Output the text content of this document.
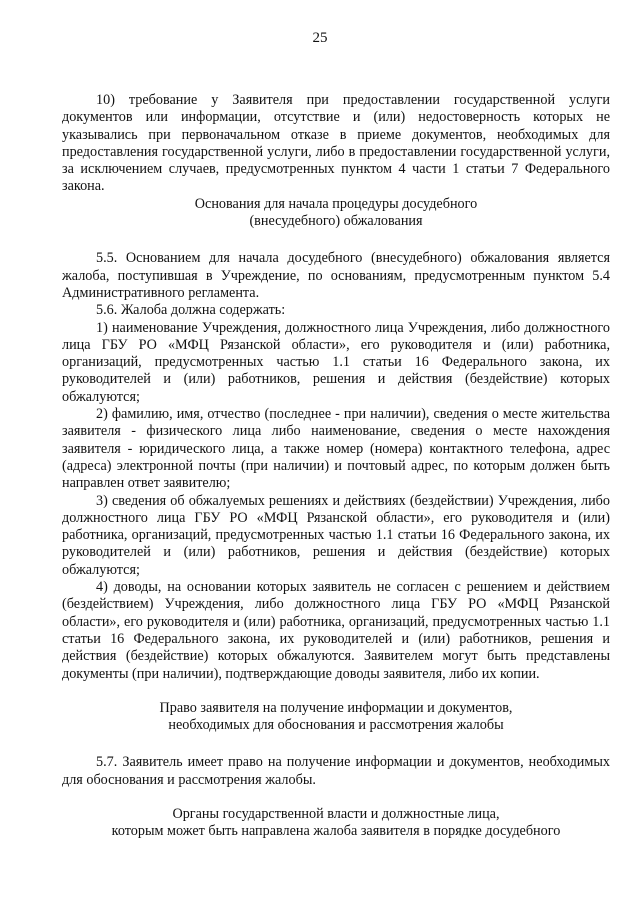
25

10) требование у Заявителя при предоставлении государственной услуги документов или информации, отсутствие и (или) недостоверность которых не указывались при первоначальном отказе в приеме документов, необходимых для предоставления государственной услуги, либо в предоставлении государственной услуги, за исключением случаев, предусмотренных пунктом 4 части 1 статьи 7 Федерального закона.

Основания для начала процедуры досудебного
(внесудебного) обжалования

5.5. Основанием для начала досудебного (внесудебного) обжалования является жалоба, поступившая в Учреждение, по основаниям, предусмотренным пунктом 5.4 Административного регламента.

5.6. Жалоба должна содержать:

1) наименование Учреждения, должностного лица Учреждения, либо должностного лица ГБУ РО «МФЦ Рязанской области», его руководителя и (или) работника, организаций, предусмотренных частью 1.1 статьи 16 Федерального закона, их руководителей и (или) работников, решения и действия (бездействие) которых обжалуются;

2) фамилию, имя, отчество (последнее - при наличии), сведения о месте жительства заявителя - физического лица либо наименование, сведения о месте нахождения заявителя - юридического лица, а также номер (номера) контактного телефона, адрес (адреса) электронной почты (при наличии) и почтовый адрес, по которым должен быть направлен ответ заявителю;

3) сведения об обжалуемых решениях и действиях (бездействии) Учреждения, либо должностного лица ГБУ РО «МФЦ Рязанской области», его руководителя и (или) работника, организаций, предусмотренных частью 1.1 статьи 16 Федерального закона, их руководителей и (или) работников, решения и действия (бездействие) которых обжалуются;

4) доводы, на основании которых заявитель не согласен с решением и действием (бездействием) Учреждения, либо должностного лица ГБУ РО «МФЦ Рязанской области», его руководителя и (или) работника, организаций, предусмотренных частью 1.1 статьи 16 Федерального закона, их руководителей и (или) работников, решения и действия (бездействие) которых обжалуются. Заявителем могут быть представлены документы (при наличии), подтверждающие доводы заявителя, либо их копии.

Право заявителя на получение информации и документов,
необходимых для обоснования и рассмотрения жалобы

5.7. Заявитель имеет право на получение информации и документов, необходимых для обоснования и рассмотрения жалобы.

Органы государственной власти и должностные лица,
которым может быть направлена жалоба заявителя в порядке досудебного
